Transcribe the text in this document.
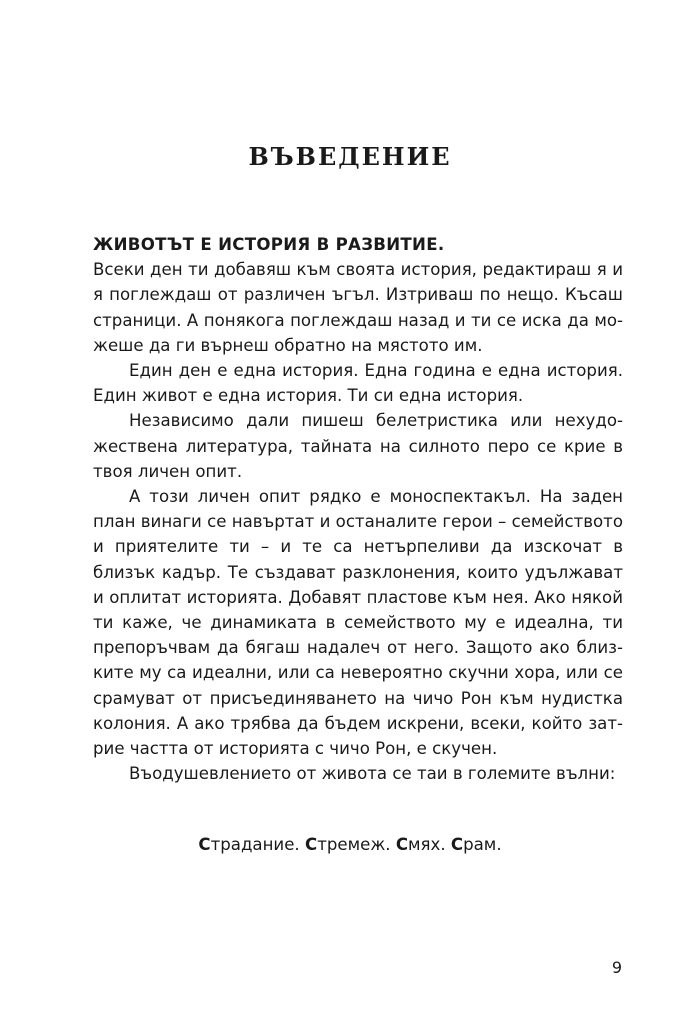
ВЪВЕДЕНИЕ

ЖИВОТЪТ Е ИСТОРИЯ В РАЗВИТИЕ.

Всеки ден ти добавяш към своята история, редактираш я и я поглеждаш от различен ъгъл. Изтриваш по нещо. Късаш страници. А понякога поглеждаш назад и ти се иска да можеше да ги върнеш обратно на мястото им.

Един ден е една история. Една година е една история. Един живот е една история. Ти си една история.

Независимо дали пишеш белетристика или нехудожествена литература, тайната на силното перо се крие в твоя личен опит.

А този личен опит рядко е моноспектакъл. На заден план винаги се навъртат и останалите герои – семейството и приятелите ти – и те са нетърпеливи да изскочат в близък кадър. Те създават разклонения, които удължават и оплитат историята. Добавят пластове към нея. Ако някой ти каже, че динамиката в семейството му е идеална, ти препоръчвам да бягаш надалеч от него. Защото ако близките му са идеални, или са невероятно скучни хора, или се срамуват от присъединяването на чичо Рон към нудистка колония. А ако трябва да бъдем искрени, всеки, който затрие частта от историята с чичо Рон, е скучен.

Въодушевлението от живота се таи в големите вълни:

Страдание. Стремеж. Смях. Срам.
9
